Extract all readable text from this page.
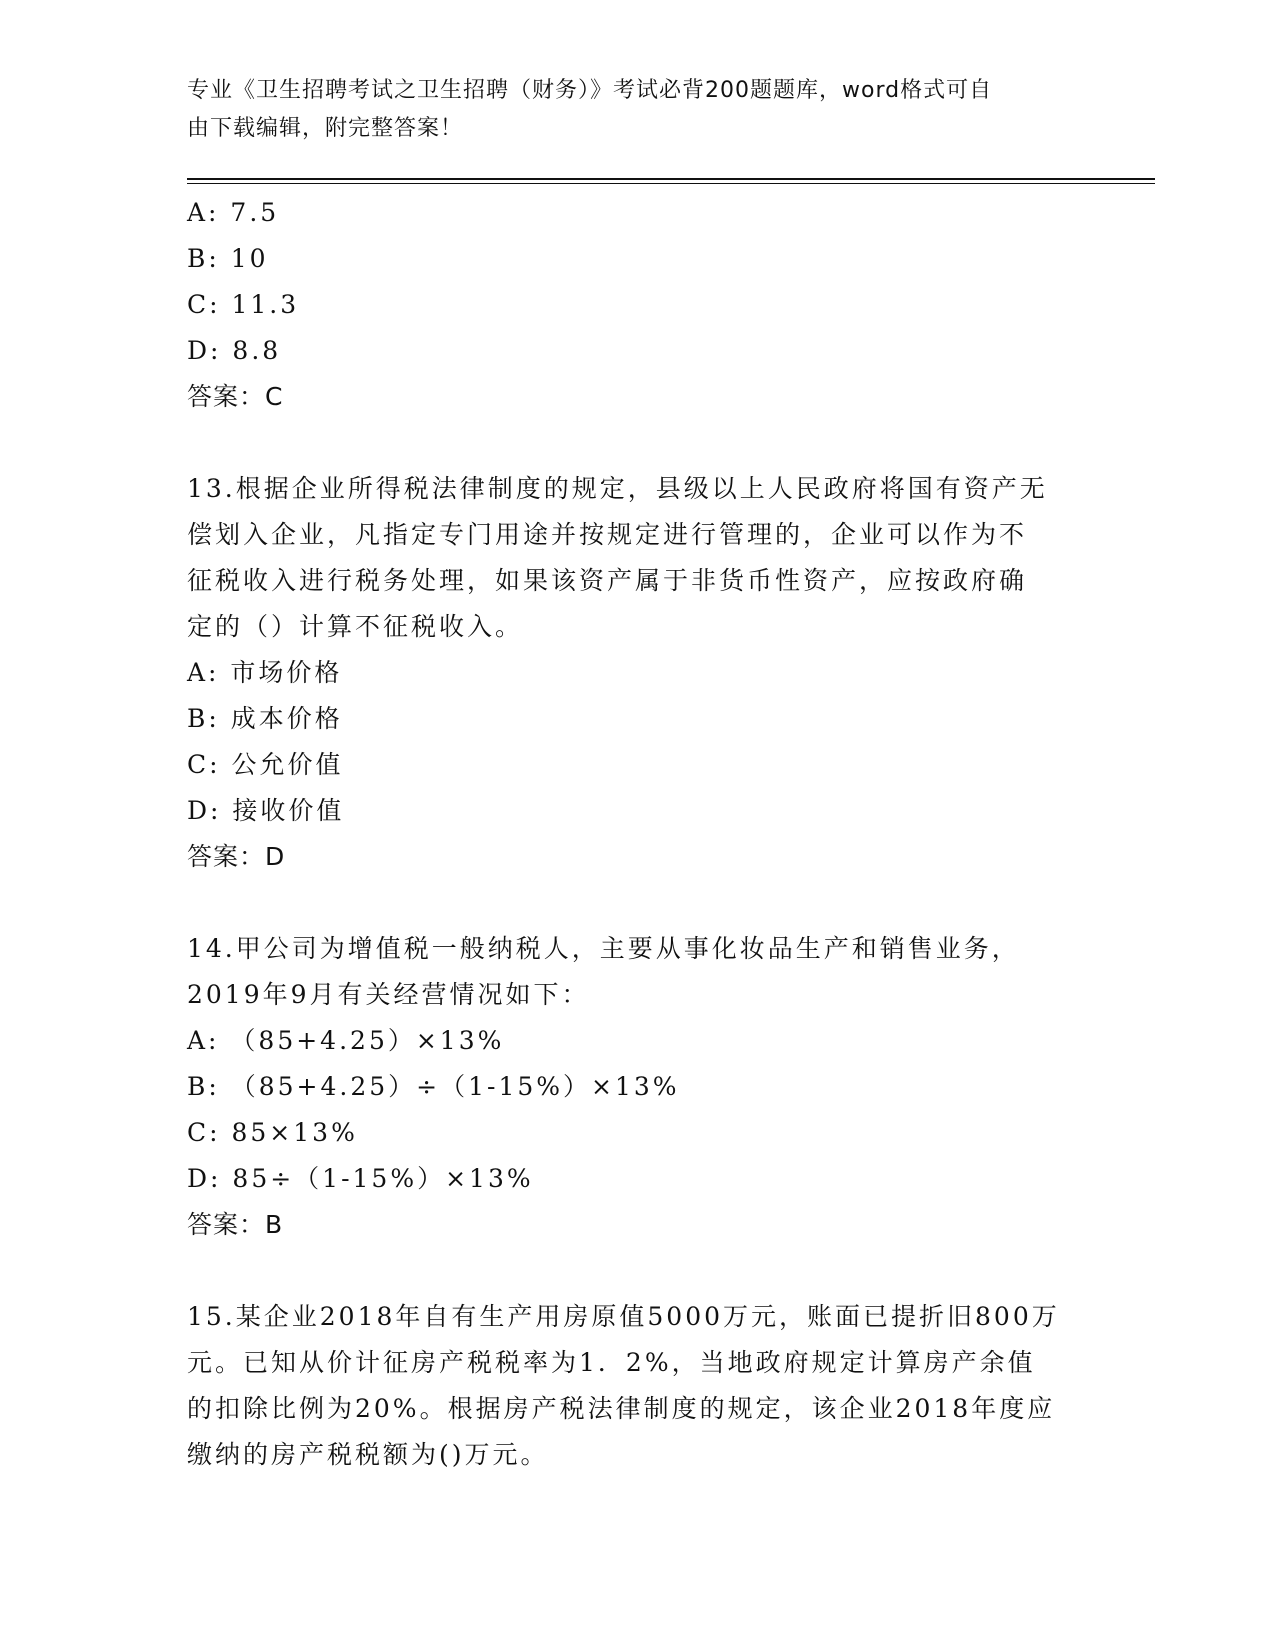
专业《卫生招聘考试之卫生招聘（财务）》考试必背200题题库，word格式可自
由下载编辑，附完整答案！

A: 7.5

B: 10

C: 11.3

D: 8.8

答案：C

13.根据企业所得税法律制度的规定，县级以上人民政府将国有资产无

偿划入企业，凡指定专门用途并按规定进行管理的，企业可以作为不

征税收入进行税务处理，如果该资产属于非货币性资产，应按政府确

定的（）计算不征税收入。

A: 市场价格

B: 成本价格

C: 公允价值

D: 接收价值

答案：D

14.甲公司为增值税一般纳税人，主要从事化妆品生产和销售业务，

2019年9月有关经营情况如下：

A: （85+4.25）×13%

B: （85+4.25）÷（1-15%）×13%

C: 85×13%

D: 85÷（1-15%）×13%

答案：B

15.某企业2018年自有生产用房原值5000万元，账面已提折旧800万

元。已知从价计征房产税税率为1．2%，当地政府规定计算房产余值

的扣除比例为20%。根据房产税法律制度的规定，该企业2018年度应

缴纳的房产税税额为()万元。
